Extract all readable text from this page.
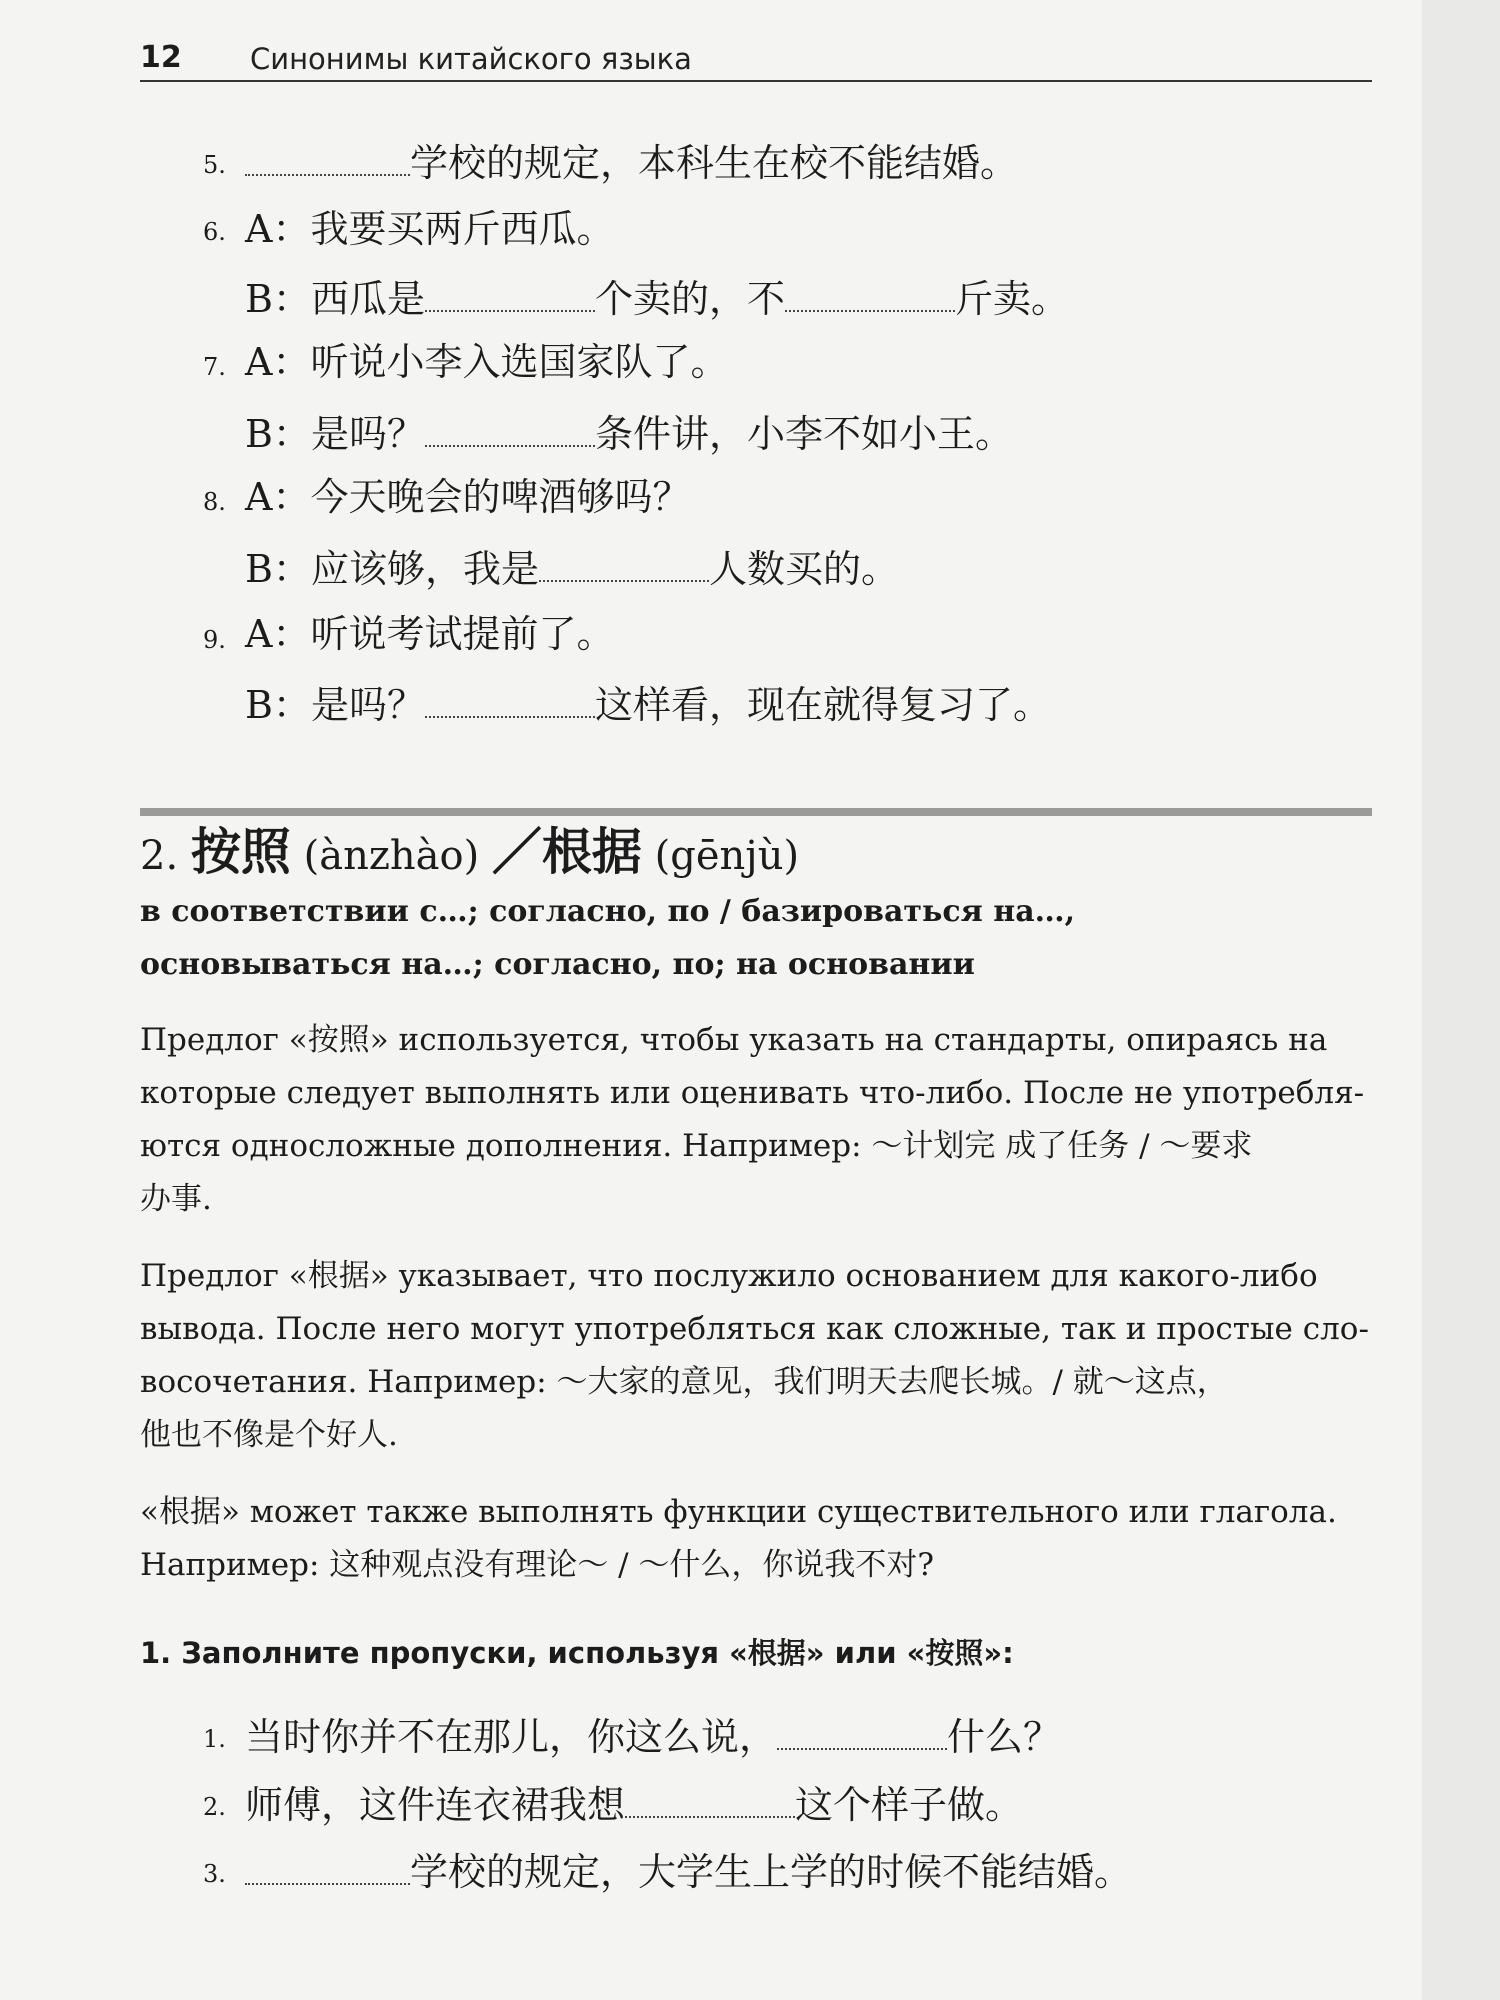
12 Синонимы китайского языка
5.	学校的规定，本科生在校不能结婚。
6. A：我要买两斤西瓜。
B：西瓜是	个卖的，不	斤卖。
7. A：听说小李入选国家队了。
B：是吗？	条件讲，小李不如小王。
8. A：今天晚会的啤酒够吗？
B：应该够，我是	人数买的。
9. A：听说考试提前了。
B：是吗？	这样看，现在就得复习了。
2. 按照 (ànzhào) ／根据 (gēnjù)
в соответствии с…; согласно, по / базироваться на…,
основываться на…; согласно, по; на основании
Предлог «按照» используется, чтобы указать на стандарты, опираясь на
которые следует выполнять или оценивать что-либо. После не употребля-
ются односложные дополнения. Например: ～计划完 成了任务 / ～要求
办事.
Предлог «根据» указывает, что послужило основанием для какого-либо
вывода. После него могут употребляться как сложные, так и простые сло-
восочетания. Например: ～大家的意见，我们明天去爬长城。/ 就～这点，
他也不像是个好人.
«根据» может также выполнять функции существительного или глагола.
Например: 这种观点没有理论～ / ～什么，你说我不对?
1. Заполните пропуски, используя «根据» или «按照»:
1. 当时你并不在那儿，你这么说，	什么？
2. 师傅，这件连衣裙我想	这个样子做。
3.	学校的规定，大学生上学的时候不能结婚。
